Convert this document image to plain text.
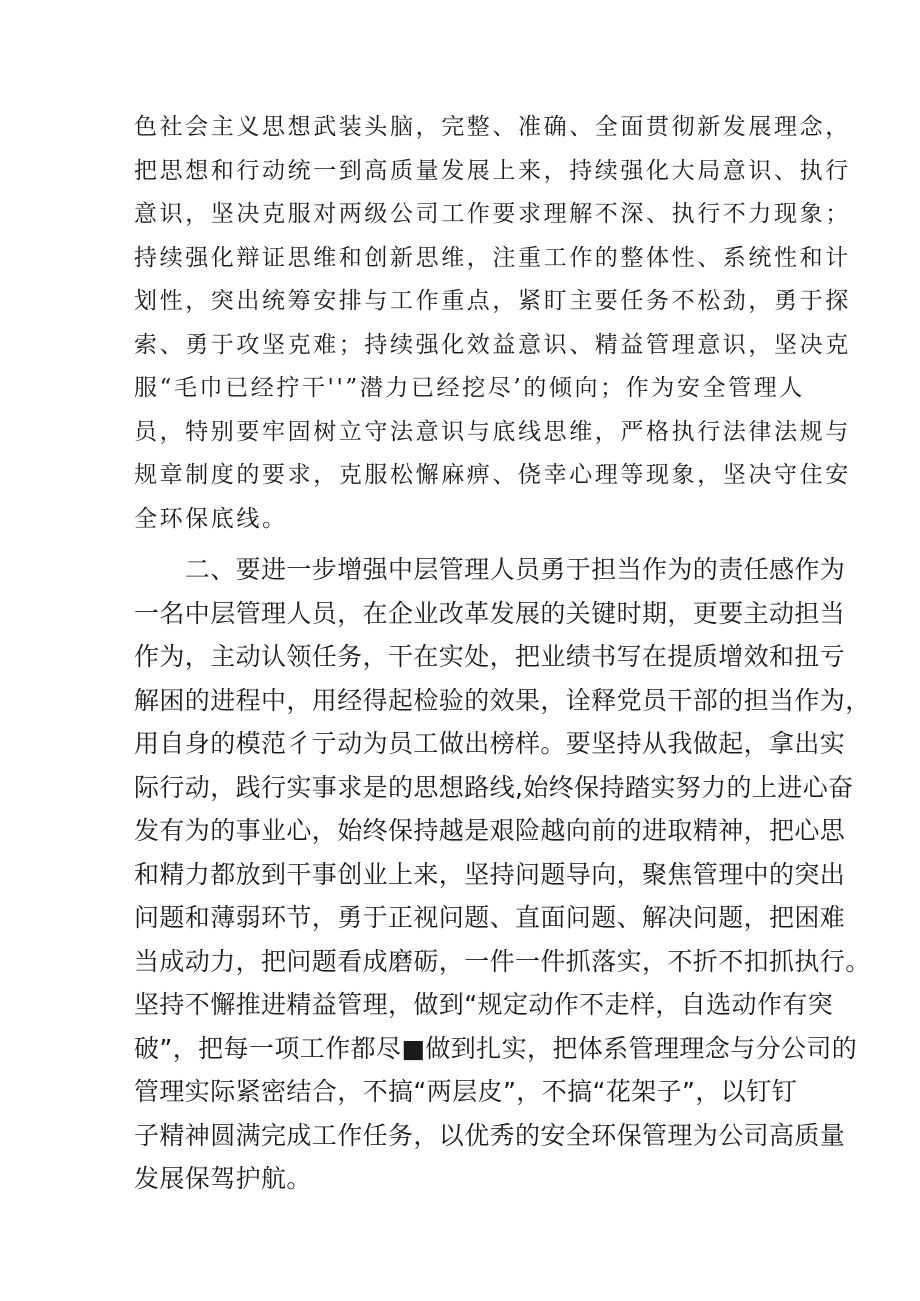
色社会主义思想武装头脑，完整、准确、全面贯彻新发展理念，
把思想和行动统一到高质量发展上来，持续强化大局意识、执行
意识，坚决克服对两级公司工作要求理解不深、执行不力现象；
持续强化辩证思维和创新思维，注重工作的整体性、系统性和计
划性，突出统筹安排与工作重点，紧盯主要任务不松劲，勇于探
索、勇于攻坚克难；持续强化效益意识、精益管理意识，坚决克
服“毛巾已经拧干''”潜力已经挖尽’的倾向；作为安全管理人
员，特别要牢固树立守法意识与底线思维，严格执行法律法规与
规章制度的要求，克服松懈麻痹、侥幸心理等现象，坚决守住安
全环保底线。
　　二、要进一步增强中层管理人员勇于担当作为的责任感作为
一名中层管理人员，在企业改革发展的关键时期，更要主动担当
作为，主动认领任务，干在实处，把业绩书写在提质增效和扭亏
解困的进程中，用经得起检验的效果，诠释党员干部的担当作为，
用自身的模范彳亍动为员工做出榜样。要坚持从我做起，拿出实
际行动，践行实事求是的思想路线,始终保持踏实努力的上进心奋
发有为的事业心，始终保持越是艰险越向前的进取精神，把心思
和精力都放到干事创业上来，坚持问题导向，聚焦管理中的突出
问题和薄弱环节，勇于正视问题、直面问题、解决问题，把困难
当成动力，把问题看成磨砺，一件一件抓落实，不折不扣抓执行。
坚持不懈推进精益管理，做到“规定动作不走样，自选动作有突
破”，把每一项工作都尽■做到扎实，把体系管理理念与分公司的
管理实际紧密结合，不搞“两层皮”，不搞“花架子”，以钉钉
子精神圆满完成工作任务，以优秀的安全环保管理为公司高质量
发展保驾护航。
